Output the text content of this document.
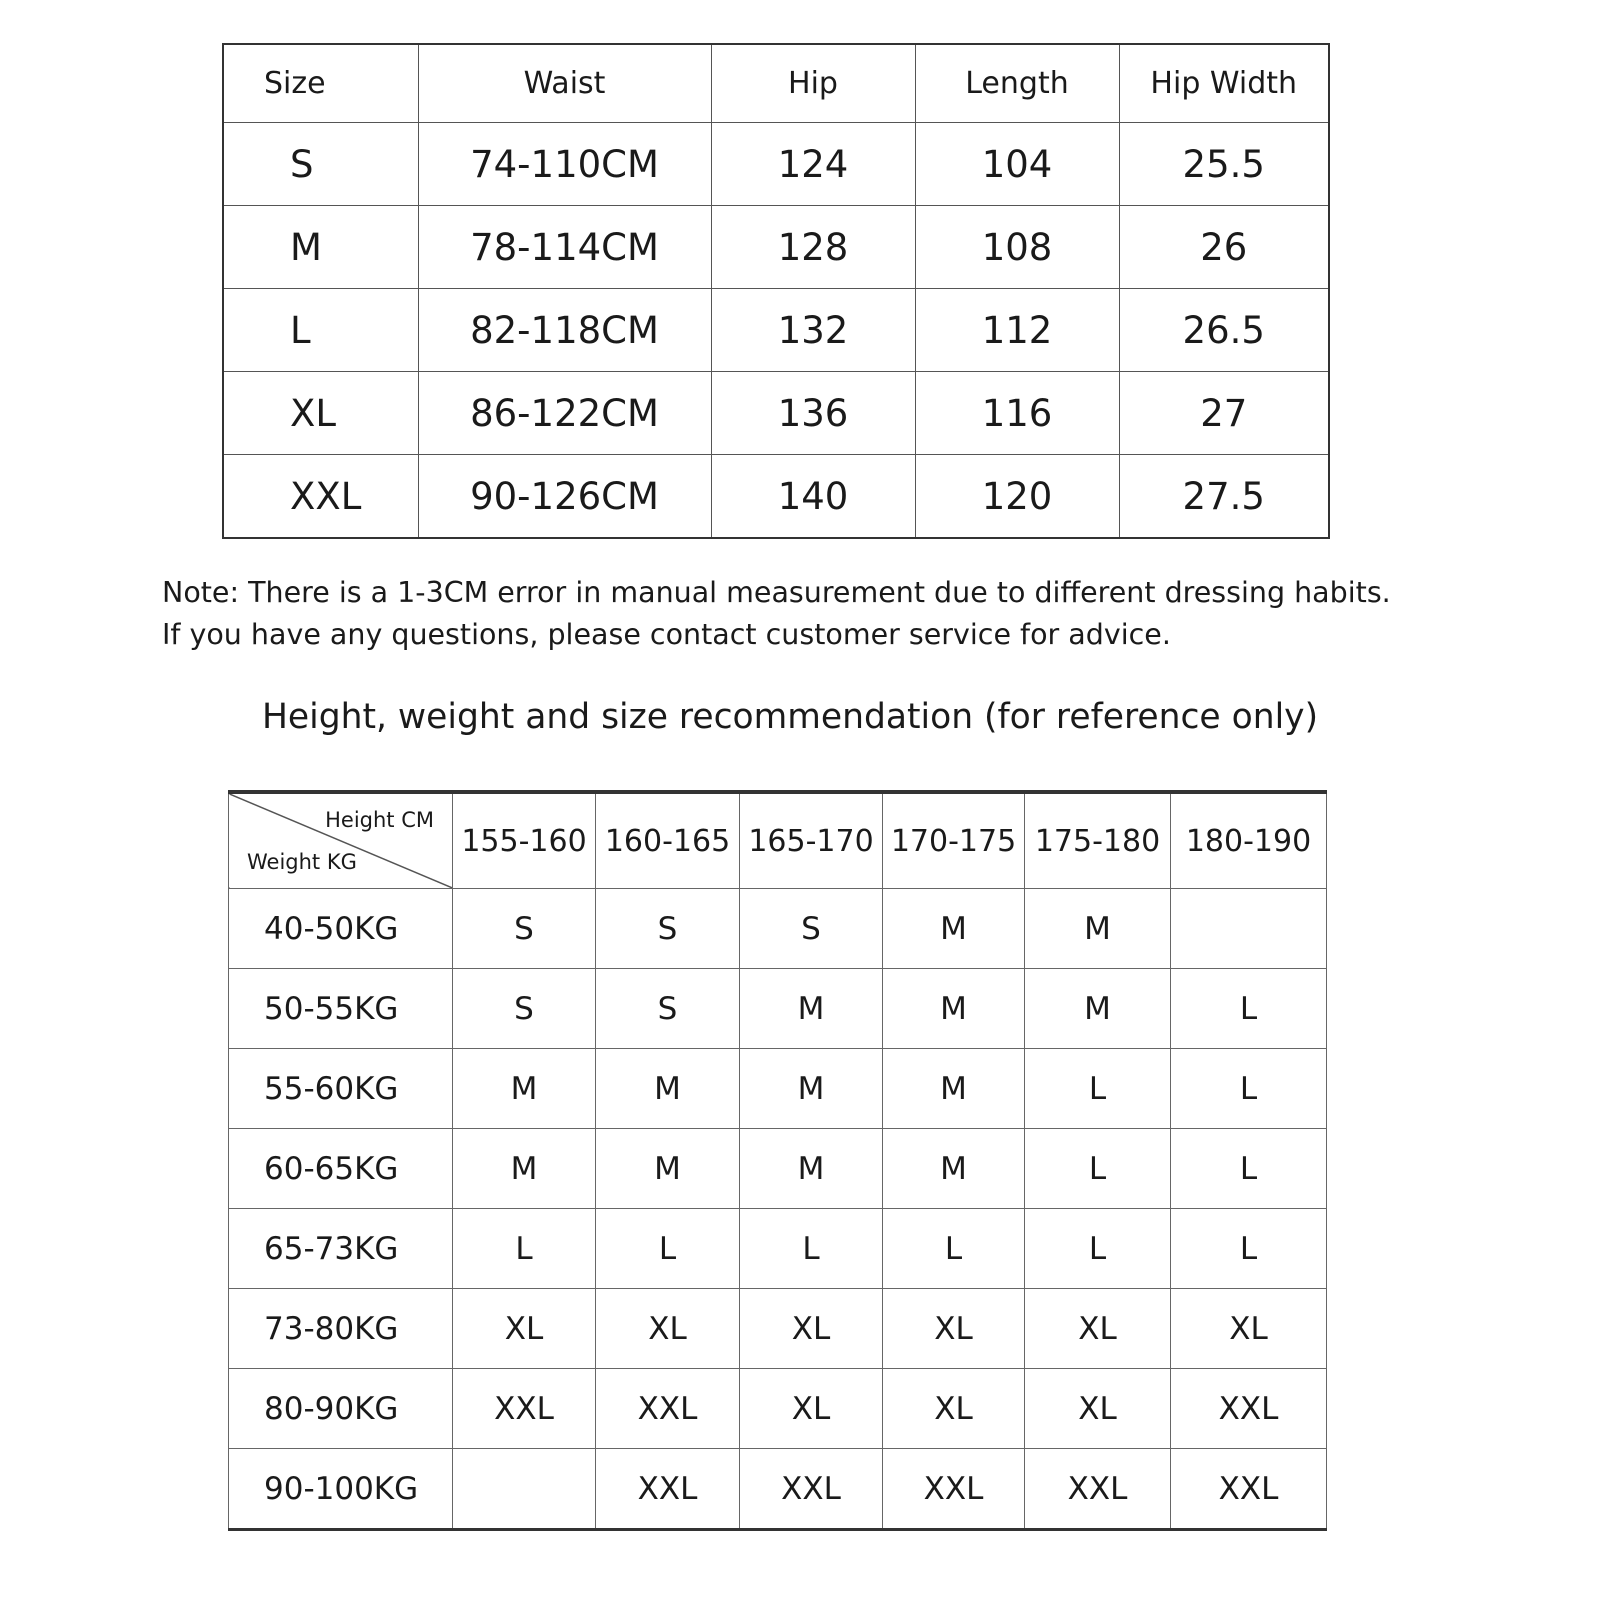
Size	Waist	Hip	Length	Hip Width
S	74-110CM	124	104	25.5
M	78-114CM	128	108	26
L	82-118CM	132	112	26.5
XL	86-122CM	136	116	27
XXL	90-126CM	140	120	27.5
Note: There is a 1-3CM error in manual measurement due to different dressing habits.
If you have any questions, please contact customer service for advice.
Height, weight and size recommendation (for reference only)
Height CM
Weight KG	155-160	160-165	165-170	170-175	175-180	180-190
40-50KG	S	S	S	M	M	
50-55KG	S	S	M	M	M	L
55-60KG	M	M	M	M	L	L
60-65KG	M	M	M	M	L	L
65-73KG	L	L	L	L	L	L
73-80KG	XL	XL	XL	XL	XL	XL
80-90KG	XXL	XXL	XL	XL	XL	XXL
90-100KG		XXL	XXL	XXL	XXL	XXL
